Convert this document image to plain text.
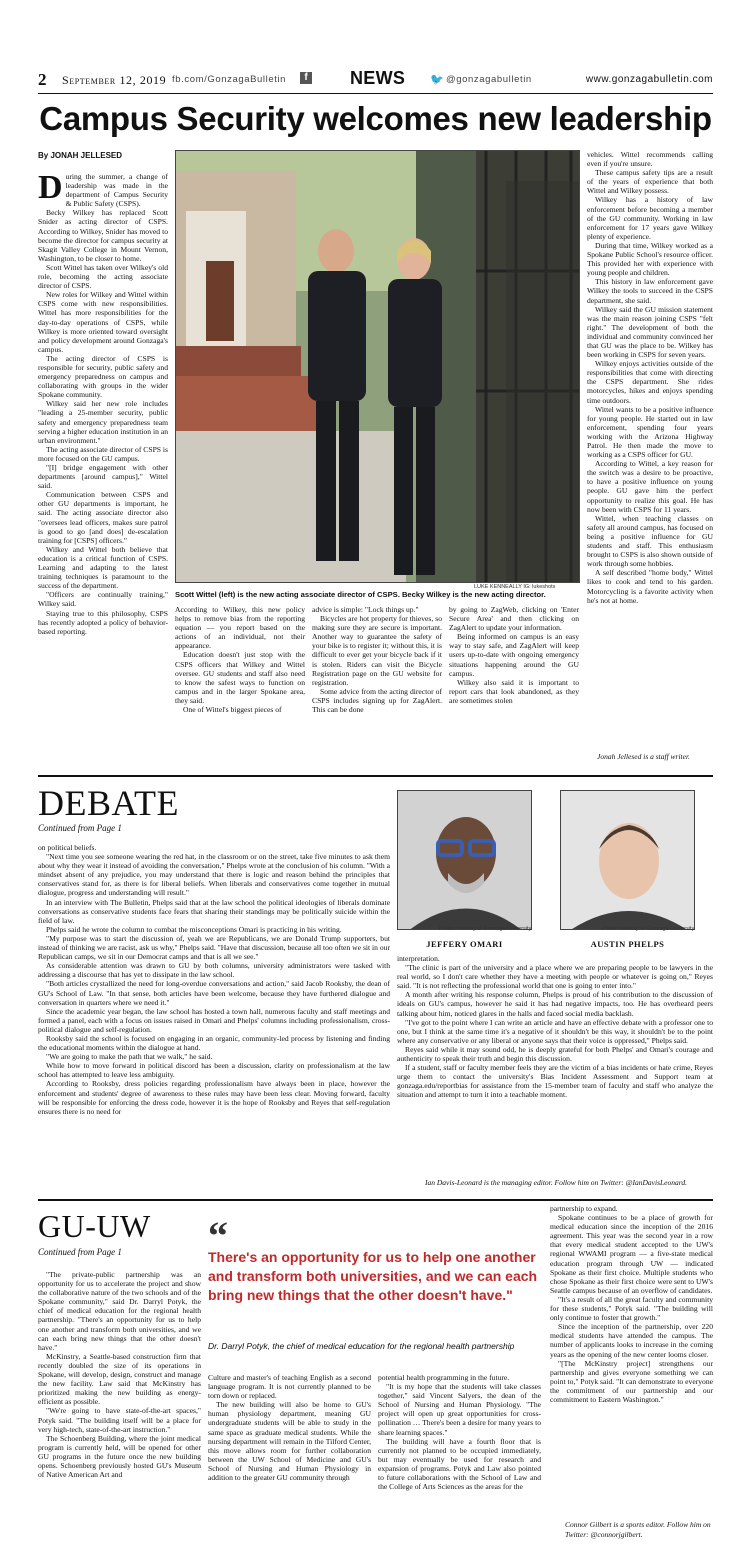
2 September 12, 2019 fb.com/GonzagaBulletin	f NEWS 🐦 @gonzagabulletin	www.gonzagabulletin.com
Campus Security welcomes new leadership
By JONAH JELLESED
LUKE KENNEALLY IG: lukeshots
Scott Wittel (left) is the new acting associate director of CSPS. Becky Wilkey is the new acting director.
D uring the summer, a change of leadership was made in the department of Campus Security & Public Safety (CSPS).

Becky Wilkey has replaced Scott Snider as acting director of CSPS. According to Wilkey, Snider has moved to become the director for campus security at Skagit Valley College in Mount Vernon, Washington, to be closer to home.

Scott Wittel has taken over Wilkey's old role, becoming the acting associate director of CSPS.

New roles for Wilkey and Wittel within CSPS come with new responsibilities. Wittel has more responsibilities for the day-to-day operations of CSPS, while Wilkey is more oriented toward oversight and policy development around Gonzaga's campus.

The acting director of CSPS is responsible for security, public safety and emergency preparedness on campus and collaborating with groups in the wider Spokane community.

Wilkey said her new role includes "leading a 25-member security, public safety and emergency preparedness team serving a higher education institution in an urban environment."

The acting associate director of CSPS is more focused on the GU campus.

"[I] bridge engagement with other departments [around campus]," Wittel said.

Communication between CSPS and other GU departments is important, he said. The acting associate director also "oversees lead officers, makes sure patrol is good to go [and does] de-escalation training for [CSPS] officers."

Wilkey and Wittel both believe that education is a critical function of CSPS. Learning and adapting to the latest training techniques is paramount to the success of the department.

"Officers are continually training," Wilkey said.

Staying true to this philosophy, CSPS has recently adopted a policy of behavior-based reporting.

According to Wilkey, this new policy helps to remove bias from the reporting equation — you report based on the actions of an individual, not their appearance.

Education doesn't just stop with the CSPS officers that Wilkey and Wittel oversee. GU students and staff also need to know the safest ways to function on campus and in the larger Spokane area, they said.

One of Wittel's biggest pieces of

advice is simple: "Lock things up."

Bicycles are hot property for thieves, so making sure they are secure is important. Another way to guarantee the safety of your bike is to register it; without this, it is difficult to ever get your bicycle back if it is stolen. Riders can visit the Bicycle Registration page on the GU website for registration.

Some advice from the acting director of CSPS includes signing up for ZagAlert. This can be done

by going to ZagWeb, clicking on 'Enter Secure Area' and then clicking on ZagAlert to update your information.

Being informed on campus is an easy way to stay safe, and ZagAlert will keep users up-to-date with ongoing emergency situations happening around the GU campus.

Wilkey also said it is important to report cars that look abandoned, as they are sometimes stolen

vehicles. Wittel recommends calling even if you're unsure.

These campus safety tips are a result of the years of experience that both Wittel and Wilkey possess.

Wilkey has a history of law enforcement before becoming a member of the GU community. Working in law enforcement for 17 years gave Wilkey plenty of experience.

During that time, Wilkey worked as a Spokane Public School's resource officer. This provided her with experience with young people and children.

This history in law enforcement gave Wilkey the tools to succeed in the CSPS department, she said.

Wilkey said the GU mission statement was the main reason joining CSPS "felt right." The development of both the individual and community convinced her that GU was the place to be. Wilkey has been working in CSPS for seven years.

Wilkey enjoys activities outside of the responsibilities that come with directing the CSPS department. She rides motorcycles, hikes and enjoys spending time outdoors.

Wittel wants to be a positive influence for young people. He started out in law enforcement, spending four years working with the Arizona Highway Patrol. He then made the move to working as a CSPS officer for GU.

According to Wittel, a key reason for the switch was a desire to be proactive, to have a positive influence on young people. GU gave him the perfect opportunity to realize this goal. He has now been with CSPS for 11 years.

Wittel, when teaching classes on safety all around campus, has focused on being a positive influence for GU students and staff. This enthusiasm brought to CSPS is also shown outside of work through some hobbies.

A self described "home body," Wittel likes to cook and tend to his garden. Motorcycling is a favorite activity when he's not at home.

Jonah Jellesed is a staff writer.
DEBATE
Continued from Page 1
Photo courtesy of Gonzaga University
JEFFERY OMARI
Photo courtesy of Gonzaga University
AUSTIN PHELPS

on political beliefs.

"Next time you see someone wearing the red hat, in the classroom or on the street, take five minutes to ask them about why they wear it instead of avoiding the conversation," Phelps wrote at the conclusion of his column. "With a mindset absent of any prejudice, you may understand that there is logic and reason behind the principles that conservatives stand for, as there is for liberal beliefs. When liberals and conservatives come together in mutual dialogue, progress and understanding will result."

In an interview with The Bulletin, Phelps said that at the law school the political ideologies of liberals dominate conversations as conservative students face fears that sharing their standings may be politically suicide within the field of law.

Phelps said he wrote the column to combat the misconceptions Omari is practicing in his writing.

"My purpose was to start the discussion of, yeah we are Republicans, we are Donald Trump supporters, but instead of thinking we are racist, ask us why," Phelps said. "Have that discussion, because all too often we sit in our Republican camps, we sit in our Democrat camps and that is all we see."

As considerable attention was drawn to GU by both columns, university administrators were tasked with addressing a discourse that has yet to dissipate in the law school.

"Both articles crystallized the need for long-overdue conversations and action," said Jacob Rooksby, the dean of GU's School of Law. "In that sense, both articles have been welcome, because they have furthered dialogue and conversation in quarters where we need it."

Since the academic year began, the law school has hosted a town hall, numerous faculty and staff meetings and formed a panel, each with a focus on issues raised in Omari and Phelps' columns including professionalism, cross-political dialogue and self-regulation.

Rooksby said the school is focused on engaging in an organic, community-led process by listening and finding the educational moments within the dialogue at hand.

"We are going to make the path that we walk," he said.

While how to move forward in political discord has been a discussion, clarity on professionalism at the law school has attempted to leave less ambiguity.

According to Rooksby, dress policies regarding professionalism have always been in place, however the enforcement and students' degree of awareness to these rules may have been less clear. Moving forward, faculty will be responsible for enforcing the dress code, however it is the hope of Rooksby and Reyes that self-regulation ensures there is no need for

interpretation.

"The clinic is part of the university and a place where we are preparing people to be lawyers in the real world, so I don't care whether they have a meeting with people or whatever is going on," Reyes said. "It is not reflecting the professional world that one is going to enter into."

A month after writing his response column, Phelps is proud of his contribution to the discussion of ideals on GU's campus, however he said it has had negative impacts, too. He has overheard peers talking about him, noticed glares in the halls and faced social media backlash.

"I've got to the point where I can write an article and have an effective debate with a professor one to one, but I think at the same time it's a negative of it shouldn't be this way, it shouldn't be to the point where any conservative or any liberal or anyone says that their voice is oppressed," Phelps said.

Reyes said while it may sound odd, he is deeply grateful for both Phelps' and Omari's courage and authenticity to speak their truth and begin this discussion.

If a student, staff or faculty member feels they are the victim of a bias incidents or hate crime, Reyes urge them to contact the university's Bias Incident Assessment and Support team at gonzaga.edu/reportbias for assistance from the 15-member team of faculty and staff who analyze the situation and attempt to turn it into a teachable moment.

Ian Davis-Leonard is the managing editor. Follow him on Twitter: @IanDavisLeonard.
GU-UW
Continued from Page 1 “
There's an opportunity for us to help one another and transform both universities, and we can each bring new things that the other doesn't have."
Dr. Darryl Potyk, the chief of medical education for the regional health partnership

"The private-public partnership was an opportunity for us to accelerate the project and show the collaborative nature of the two schools and of the Spokane community," said Dr. Darryl Potyk, the chief of medical education for the regional health partnership. "There's an opportunity for us to help one another and transform both universities, and we can each bring new things that the other doesn't have."

McKinstry, a Seattle-based construction firm that recently doubled the size of its operations in Spokane, will develop, design, construct and manage the new facility. Law said that McKinstry has prioritized making the new building as energy-efficient as possible.

"We're going to have state-of-the-art spaces," Potyk said. "The building itself will be a place for very high-tech, state-of-the-art instruction."

The Schoenberg Building, where the joint medical program is currently held, will be opened for other GU programs in the future once the new building opens. Schoenberg previously hosted GU's Museum of Native American Art and

Culture and master's of teaching English as a second language program. It is not currently planned to be torn down or replaced.

The new building will also be home to GU's human physiology department, meaning GU undergraduate students will be able to study in the same space as graduate medical students. While the nursing department will remain in the Tilford Center, this move allows room for further collaboration between the UW School of Medicine and GU's School of Nursing and Human Physiology in addition to the greater GU community through

potential health programming in the future.

"It is my hope that the students will take classes together," said Vincent Salyers, the dean of the School of Nursing and Human Physiology. "The project will open up great opportunities for cross-pollination … There's been a desire for many years to share learning spaces."

The building will have a fourth floor that is currently not planned to be occupied immediately, but may eventually be used for research and expansion of programs. Potyk and Law also pointed to future collaborations with the School of Law and the College of Arts Sciences as the areas for the

partnership to expand.

Spokane continues to be a place of growth for medical education since the inception of the 2016 agreement. This year was the second year in a row that every medical student accepted to the UW's regional WWAMI program — a five-state medical education program through UW — indicated Spokane as their first choice. Multiple students who chose Spokane as their first choice were sent to UW's Seattle campus because of an overflow of candidates.

"It's a result of all the great faculty and community for these students," Potyk said. "The building will only continue to foster that growth."

Since the inception of the partnership, over 220 medical students have attended the campus. The number of applicants looks to increase in the coming years as the opening of the new center looms closer.

"[The McKinstry project] strengthens our partnership and gives everyone something we can point to," Potyk said. "It can demonstrate to everyone the commitment of our partnership and our commitment to Eastern Washington."

Connor Gilbert is a sports editor. Follow him on Twitter: @connorjgilbert.
